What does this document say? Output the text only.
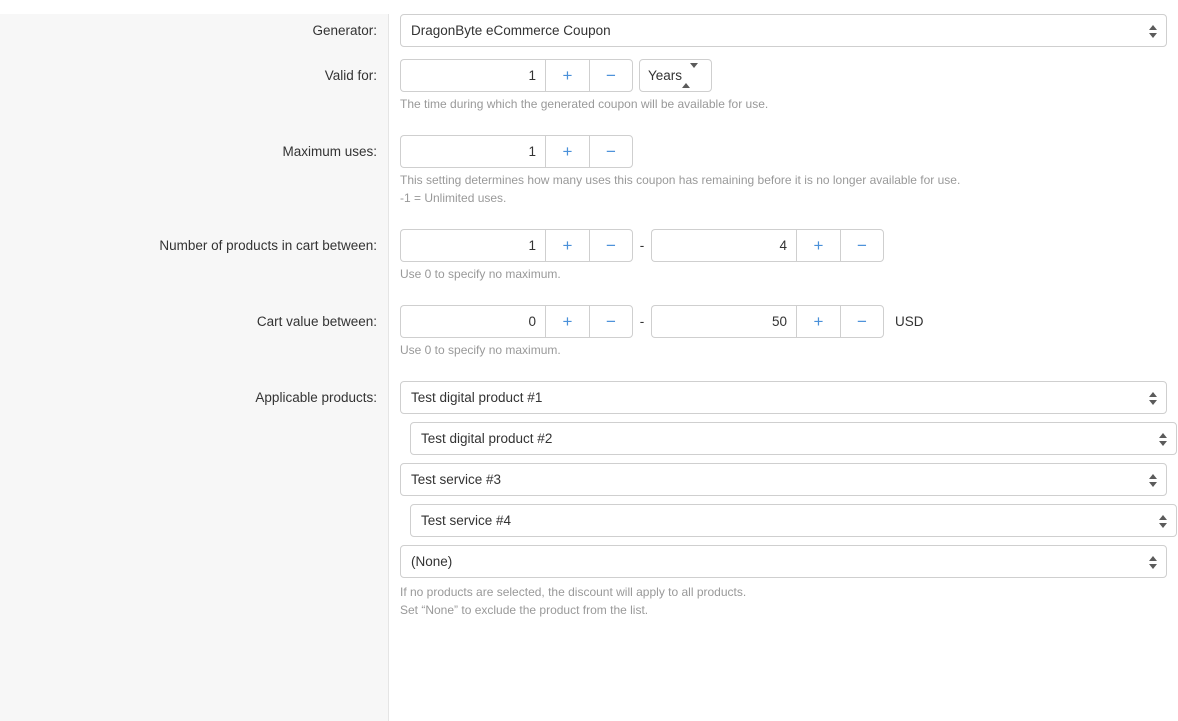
Generator:	DragonByte eCommerce Coupon
Valid for:	1	+	−	Years
The time during which the generated coupon will be available for use.
Maximum uses:	1	+	−
This setting determines how many uses this coupon has remaining before it is no longer available for use.
-1 = Unlimited uses.
Number of products in cart between:	1	+	−	-	4	+	−
Use 0 to specify no maximum.
Cart value between:	0	+	−	-	50	+	−	USD
Use 0 to specify no maximum.
Applicable products:	Test digital product #1
Test digital product #2
Test service #3
Test service #4
(None)
If no products are selected, the discount will apply to all products.
Set “None” to exclude the product from the list.
